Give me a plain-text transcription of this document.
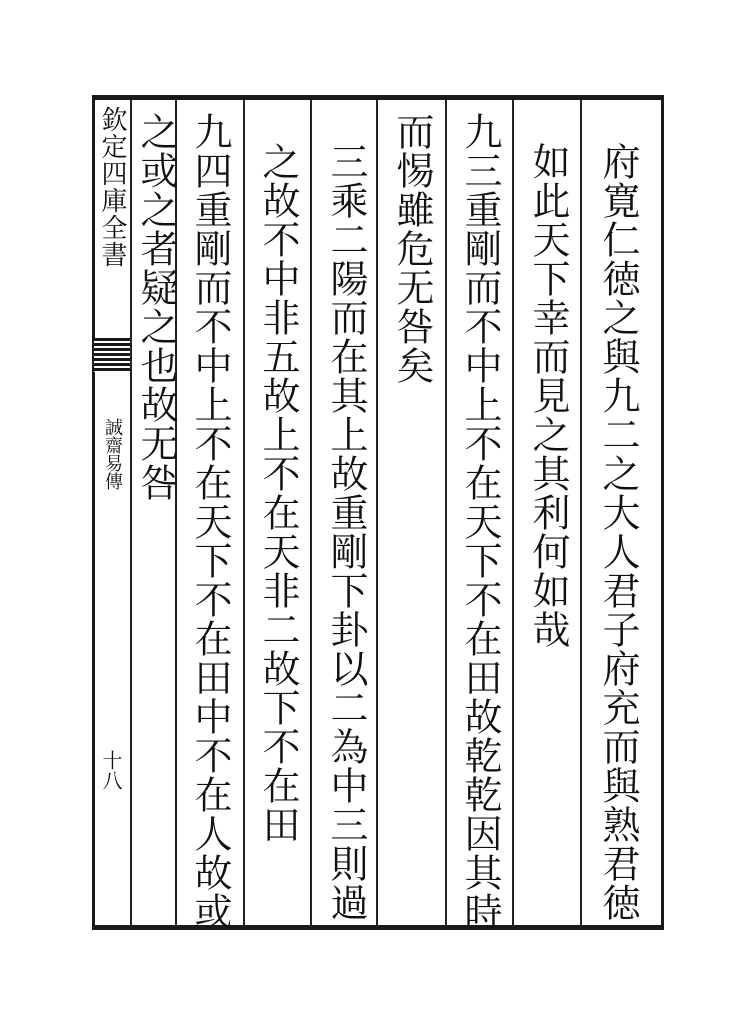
欽定四庫全書
誠齋易傳
十八	府寛仁徳之與九二之大人君子府充而與熟君徳
如此天下幸而見之其利何如哉
九三重剛而不中上不在天下不在田故乾乾因其時
而惕雖危无咎矣
三乘二陽而在其上故重剛下卦以二為中三則過
之故不中非五故上不在天非二故下不在田
九四重剛而不中上不在天下不在田中不在人故或
之或之者疑之也故无咎
